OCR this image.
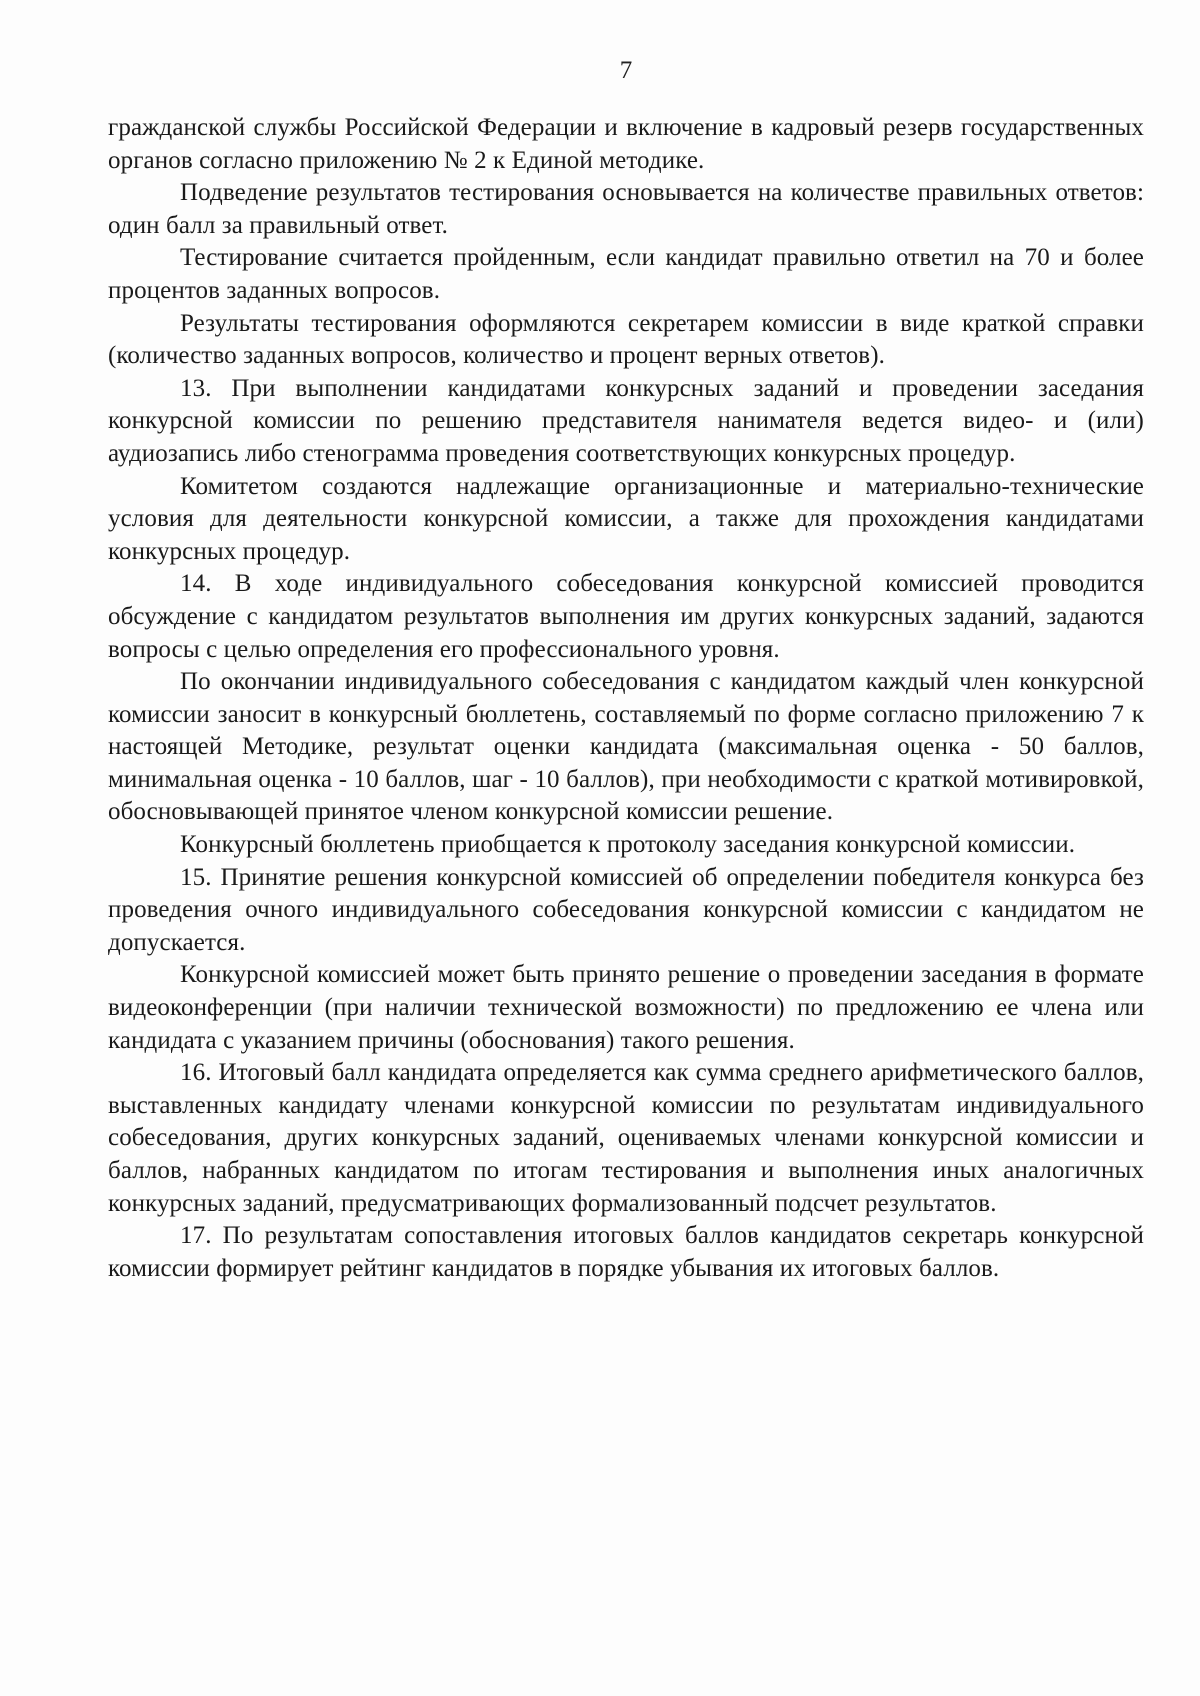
7

гражданской службы Российской Федерации и включение в кадровый резерв государственных органов согласно приложению № 2 к Единой методике.

Подведение результатов тестирования основывается на количестве правильных ответов: один балл за правильный ответ.

Тестирование считается пройденным, если кандидат правильно ответил на 70 и более процентов заданных вопросов.

Результаты тестирования оформляются секретарем комиссии в виде краткой справки (количество заданных вопросов, количество и процент верных ответов).

13. При выполнении кандидатами конкурсных заданий и проведении заседания конкурсной комиссии по решению представителя нанимателя ведется видео- и (или) аудиозапись либо стенограмма проведения соответствующих конкурсных процедур.

Комитетом создаются надлежащие организационные и материально-технические условия для деятельности конкурсной комиссии, а также для прохождения кандидатами конкурсных процедур.

14. В ходе индивидуального собеседования конкурсной комиссией проводится обсуждение с кандидатом результатов выполнения им других конкурсных заданий, задаются вопросы с целью определения его профессионального уровня.

По окончании индивидуального собеседования с кандидатом каждый член конкурсной комиссии заносит в конкурсный бюллетень, составляемый по форме согласно приложению 7 к настоящей Методике, результат оценки кандидата (максимальная оценка - 50 баллов, минимальная оценка - 10 баллов, шаг - 10 баллов), при необходимости с краткой мотивировкой, обосновывающей принятое членом конкурсной комиссии решение.

Конкурсный бюллетень приобщается к протоколу заседания конкурсной комиссии.

15. Принятие решения конкурсной комиссией об определении победителя конкурса без проведения очного индивидуального собеседования конкурсной комиссии с кандидатом не допускается.

Конкурсной комиссией может быть принято решение о проведении заседания в формате видеоконференции (при наличии технической возможности) по предложению ее члена или кандидата с указанием причины (обоснования) такого решения.

16. Итоговый балл кандидата определяется как сумма среднего арифметического баллов, выставленных кандидату членами конкурсной комиссии по результатам индивидуального собеседования, других конкурсных заданий, оцениваемых членами конкурсной комиссии и баллов, набранных кандидатом по итогам тестирования и выполнения иных аналогичных конкурсных заданий, предусматривающих формализованный подсчет результатов.

17. По результатам сопоставления итоговых баллов кандидатов секретарь конкурсной комиссии формирует рейтинг кандидатов в порядке убывания их итоговых баллов.
